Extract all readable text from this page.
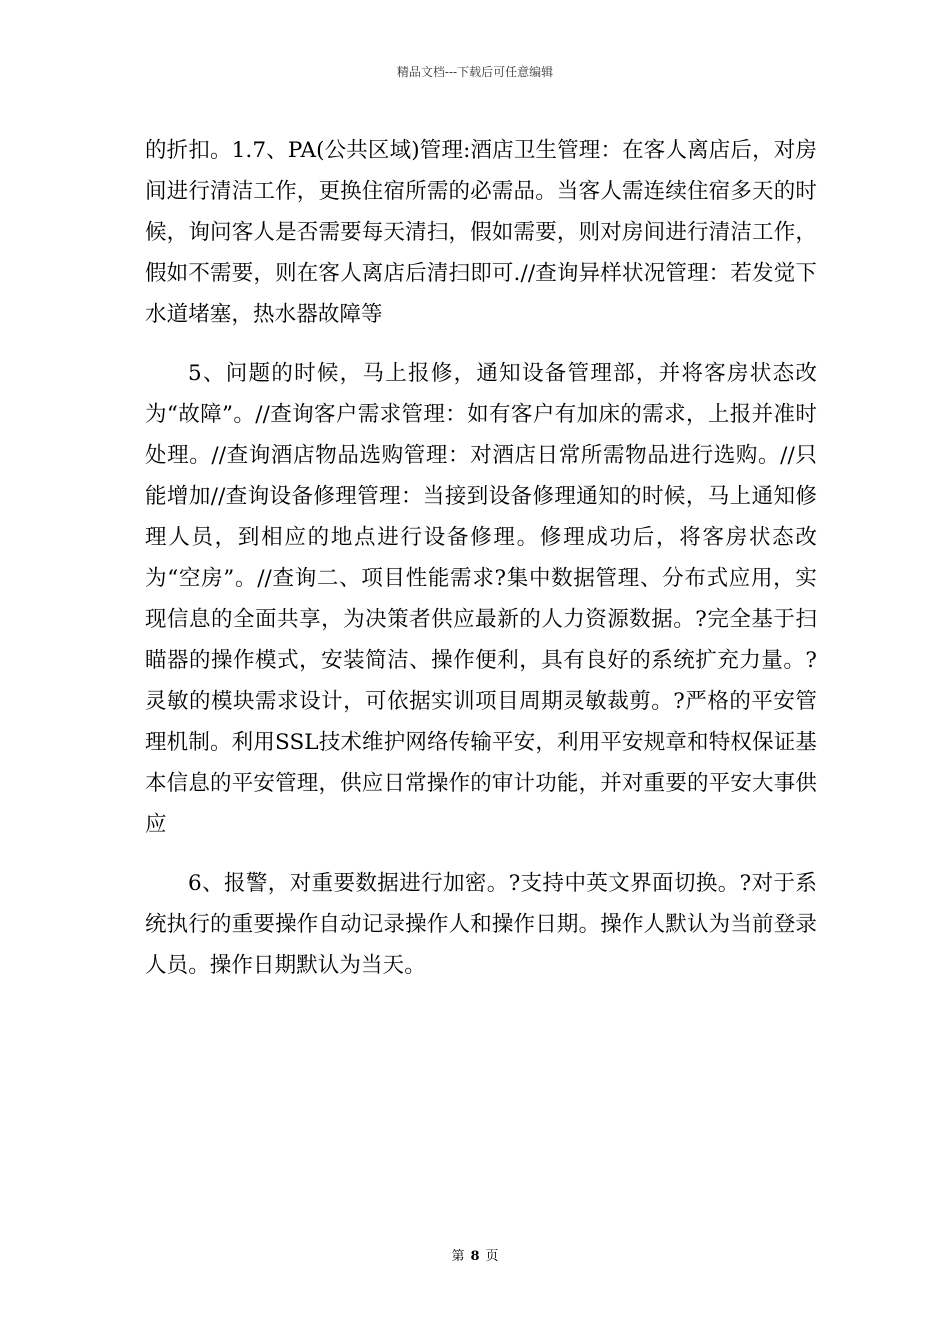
精品文档---下载后可任意编辑

的折扣。1.7、PA(公共区域)管理:酒店卫生管理：在客人离店后，对房间进行清洁工作，更换住宿所需的必需品。当客人需连续住宿多天的时候，询问客人是否需要每天清扫，假如需要，则对房间进行清洁工作，假如不需要，则在客人离店后清扫即可.//查询异样状况管理：若发觉下水道堵塞，热水器故障等

5、问题的时候，马上报修，通知设备管理部，并将客房状态改为“故障”。//查询客户需求管理：如有客户有加床的需求，上报并准时处理。//查询酒店物品选购管理：对酒店日常所需物品进行选购。//只能增加//查询设备修理管理：当接到设备修理通知的时候，马上通知修理人员，到相应的地点进行设备修理。修理成功后，将客房状态改为“空房”。//查询二、项目性能需求?集中数据管理、分布式应用，实现信息的全面共享，为决策者供应最新的人力资源数据。?完全基于扫瞄器的操作模式，安装简洁、操作便利，具有良好的系统扩充力量。?灵敏的模块需求设计，可依据实训项目周期灵敏裁剪。?严格的平安管理机制。利用SSL技术维护网络传输平安，利用平安规章和特权保证基本信息的平安管理，供应日常操作的审计功能，并对重要的平安大事供应

6、报警，对重要数据进行加密。?支持中英文界面切换。?对于系统执行的重要操作自动记录操作人和操作日期。操作人默认为当前登录人员。操作日期默认为当天。

第 8 页
